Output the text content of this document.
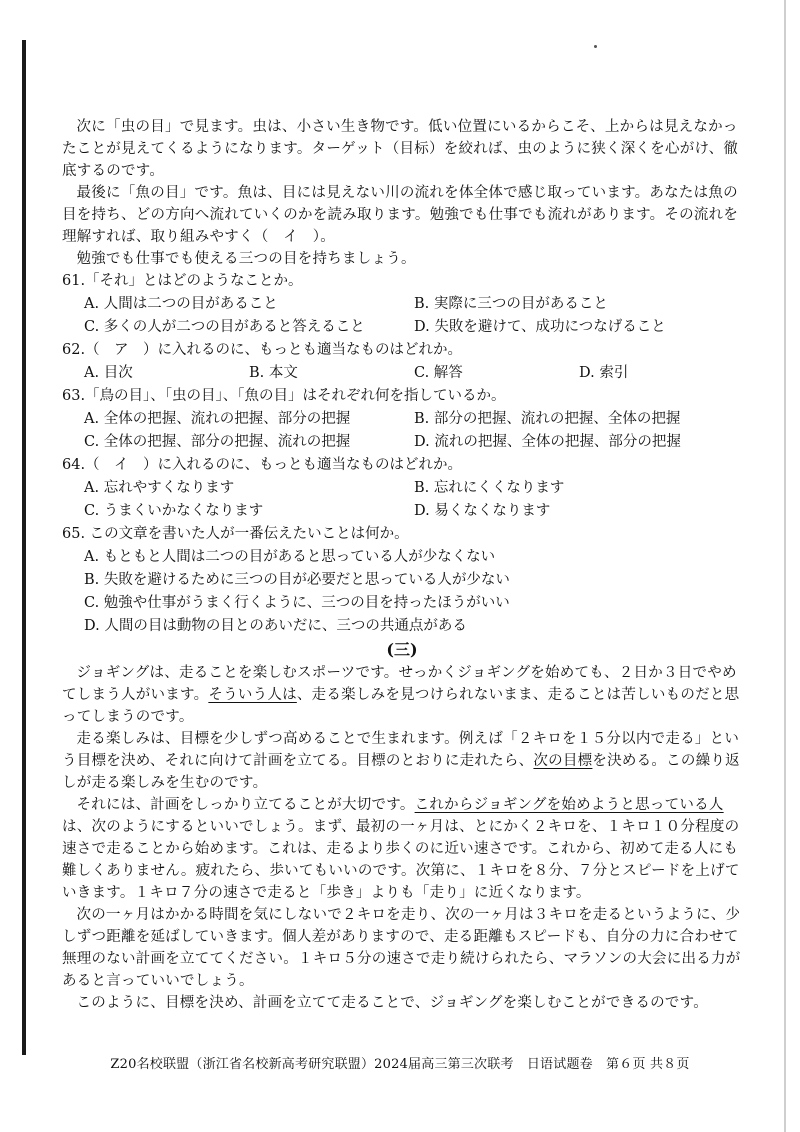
次に「虫の目」で見ます。虫は、小さい生き物です。低い位置にいるからこそ、上からは見えなかったことが見えてくるようになります。ターゲット（目标）を絞れば、虫のように狭く深くを心がけ、徹底するのです。

最後に「魚の目」です。魚は、目には見えない川の流れを体全体で感じ取っています。あなたは魚の目を持ち、どの方向へ流れていくのかを読み取ります。勉強でも仕事でも流れがあります。その流れを理解すれば、取り組みやすく（　イ　）。

勉強でも仕事でも使える三つの目を持ちましょう。

61.「それ」とはどのようなことか。
A. 人間は二つの目があること	B. 実際に三つの目があること
C. 多くの人が二つの目があると答えること	D. 失敗を避けて、成功につなげること
62.（　ア　）に入れるのに、もっとも適当なものはどれか。
A. 目次	B. 本文	C. 解答	D. 索引
63.「鳥の目」、「虫の目」、「魚の目」はそれぞれ何を指しているか。
A. 全体の把握、流れの把握、部分の把握	B. 部分の把握、流れの把握、全体の把握
C. 全体の把握、部分の把握、流れの把握	D. 流れの把握、全体の把握、部分の把握
64.（　イ　）に入れるのに、もっとも適当なものはどれか。
A. 忘れやすくなります	B. 忘れにくくなります
C. うまくいかなくなります	D. 易くなくなります
65. この文章を書いた人が一番伝えたいことは何か。
A. もともと人間は二つの目があると思っている人が少なくない
B. 失敗を避けるために三つの目が必要だと思っている人が少ない
C. 勉強や仕事がうまく行くように、三つの目を持ったほうがいい
D. 人間の目は動物の目とのあいだに、三つの共通点がある
(三)

ジョギングは、走ることを楽しむスポーツです。せっかくジョギングを始めても、２日か３日でやめてしまう人がいます。そういう人は、走る楽しみを見つけられないまま、走ることは苦しいものだと思ってしまうのです。

走る楽しみは、目標を少しずつ高めることで生まれます。例えば「２キロを１５分以内で走る」という目標を決め、それに向けて計画を立てる。目標のとおりに走れたら、次の目標を決める。この繰り返しが走る楽しみを生むのです。

それには、計画をしっかり立てることが大切です。これからジョギングを始めようと思っている人は、次のようにするといいでしょう。まず、最初の一ヶ月は、とにかく２キロを、１キロ１０分程度の速さで走ることから始めます。これは、走るより歩くのに近い速さです。これから、初めて走る人にも難しくありません。疲れたら、歩いてもいいのです。次第に、１キロを８分、７分とスピードを上げていきます。１キロ７分の速さで走ると「歩き」よりも「走り」に近くなります。

次の一ヶ月はかかる時間を気にしないで２キロを走り、次の一ヶ月は３キロを走るというように、少しずつ距離を延ばしていきます。個人差がありますので、走る距離もスピードも、自分の力に合わせて無理のない計画を立ててください。１キロ５分の速さで走り続けられたら、マラソンの大会に出る力があると言っていいでしょう。

このように、目標を決め、計画を立てて走ることで、ジョギングを楽しむことができるのです。

Z20名校联盟（浙江省名校新高考研究联盟）2024届高三第三次联考　日语试题卷　第６页 共８页
